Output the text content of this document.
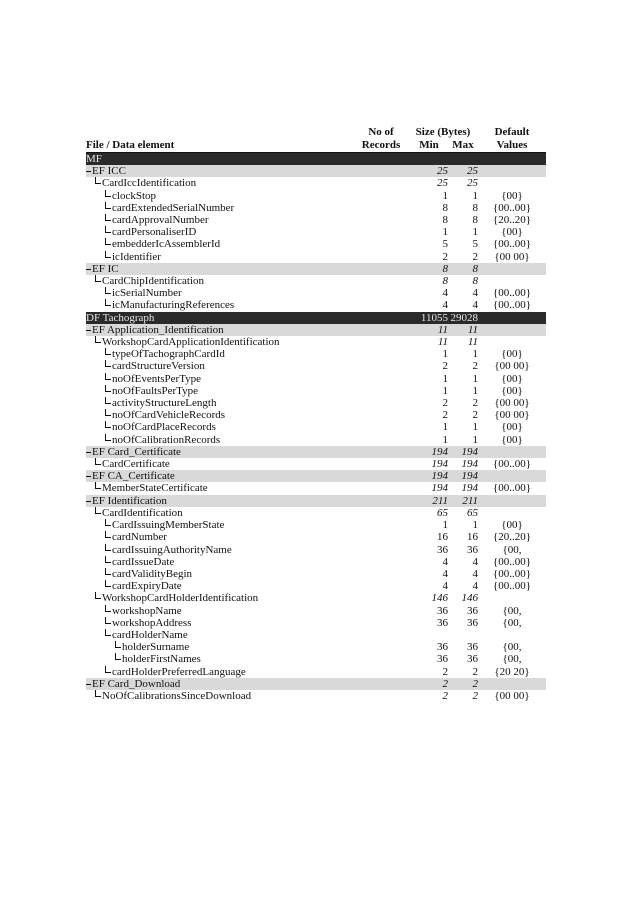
File / Data element	No of Records	Size (Bytes)
Min	Max	Default Values

MF				

EF ICC		25	25	

CardIccIdentification		25	25	

clockStop		1	1	{00}

cardExtendedSerialNumber		8	8	{00..00}

cardApprovalNumber		8	8	{20..20}

cardPersonaliserID		1	1	{00}

embedderIcAssemblerId		5	5	{00..00}

icIdentifier		2	2	{00 00}

EF IC		8	8	

CardChipIdentification		8	8	

icSerialNumber		4	4	{00..00}

icManufacturingReferences		4	4	{00..00}

DF Tachograph		11055	29028	

EF Application_Identification		11	11	

WorkshopCardApplicationIdentification		11	11	

typeOfTachographCardId		1	1	{00}

cardStructureVersion		2	2	{00 00}

noOfEventsPerType		1	1	{00}

noOfFaultsPerType		1	1	{00}

activityStructureLength		2	2	{00 00}

noOfCardVehicleRecords		2	2	{00 00}

noOfCardPlaceRecords		1	1	{00}

noOfCalibrationRecords		1	1	{00}

EF Card_Certificate		194	194	

CardCertificate		194	194	{00..00}

EF CA_Certificate		194	194	

MemberStateCertificate		194	194	{00..00}

EF Identification		211	211	

CardIdentification		65	65	

CardIssuingMemberState		1	1	{00}

cardNumber		16	16	{20..20}

cardIssuingAuthorityName		36	36	{00,

cardIssueDate		4	4	{00..00}

cardValidityBegin		4	4	{00..00}

cardExpiryDate		4	4	{00..00}

WorkshopCardHolderIdentification		146	146	

workshopName		36	36	{00,

workshopAddress		36	36	{00,

cardHolderName				

holderSurname		36	36	{00,

holderFirstNames		36	36	{00,

cardHolderPreferredLanguage		2	2	{20 20}

EF Card_Download		2	2	

NoOfCalibrationsSinceDownload		2	2	{00 00}
